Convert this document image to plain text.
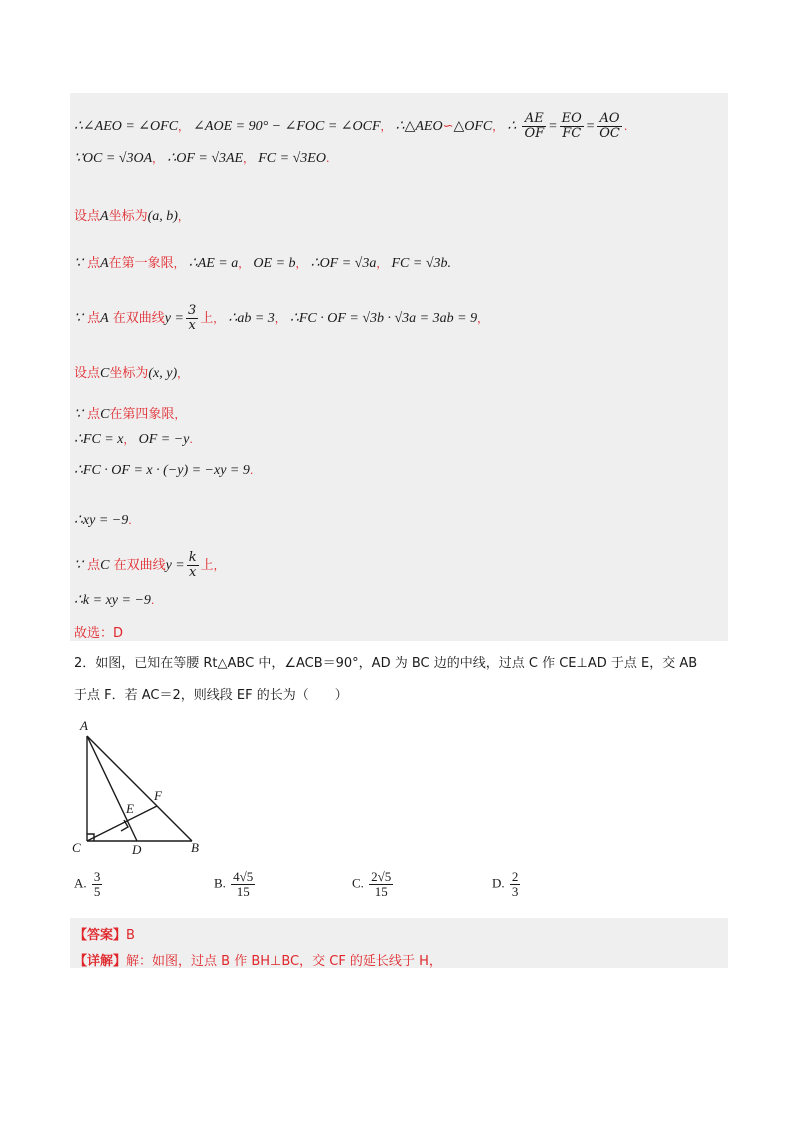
∴∠AEO = ∠OFC， ∠AOE = 90° − ∠FOC = ∠OCF， ∴△AEO∽△OFC， ∴ $\frac{AE}{OF} = \frac{EO}{FC} = \frac{AO}{OC}$ .
∵OC = √3OA， ∴OF = √3AE， FC = √3EO.
设点A坐标为(a, b)，
∵ 点A在第一象限， ∴AE = a， OE = b， ∴OF = √3a， FC = √3b.
∵ 点A 在双曲线$y = \frac{3}{x}$ 上， ∴ab = 3， ∴FC · OF = √3b · √3a = 3ab = 9，
设点C坐标为(x, y)，
∵ 点C在第四象限，
∴FC = x， OF = −y.
∴FC · OF = x · (−y) = −xy = 9.
∴xy = −9.
∵ 点C 在双曲线$y = \frac{k}{x}$ 上，
∴k = xy = −9.
故选：D
2．如图，已知在等腰 Rt△ABC 中，∠ACB＝90°，AD 为 BC 边的中线，过点 C 作 CE⊥AD 于点 E，交 AB
于点 F．若 AC＝2，则线段 EF 的长为（　　）
A
C	D	B
E
F
A. $\frac{3}{5}$	B. $\frac{4√5}{15}$	C. $\frac{2√5}{15}$	D. $\frac{2}{3}$
【答案】B
【详解】解：如图，过点 B 作 BH⊥BC，交 CF 的延长线于 H，
